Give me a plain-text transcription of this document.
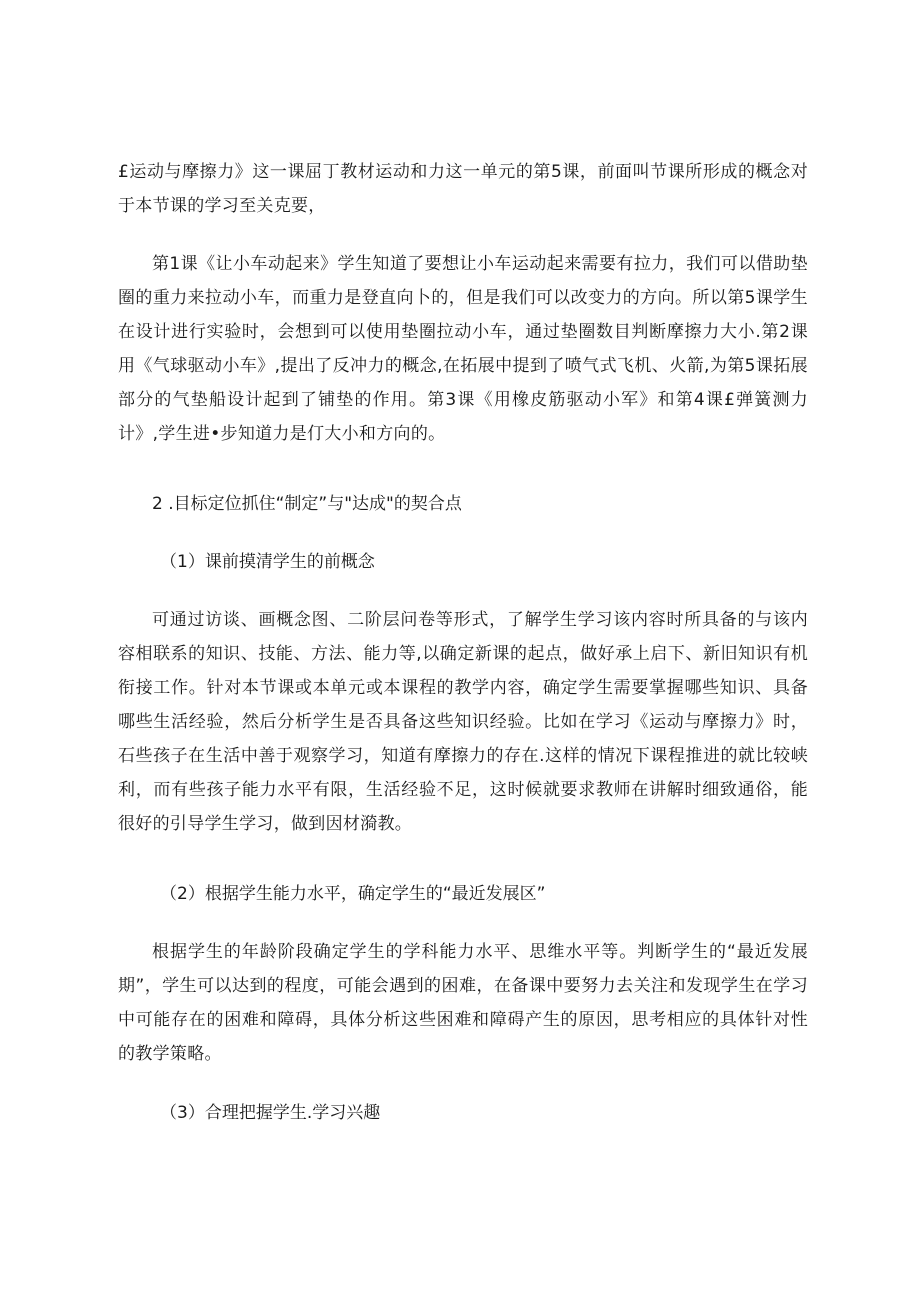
£运动与摩擦力》这一课屈丁教材运动和力这一单元的第5课，前面叫节课所形成的概念对于本节课的学习至关克要，

第1课《让小车动起来》学生知道了要想让小车运动起来需要有拉力，我们可以借助垫圈的重力来拉动小车，而重力是登直向卜的，但是我们可以改变力的方向。所以第5课学生在设计进行实验时，会想到可以使用垫圈拉动小车，通过垫圈数目判断摩擦力大小.第2课用《气球驱动小车》,提出了反冲力的概念,在拓展中提到了喷气式飞机、火箭,为第5课拓展部分的气垫船设计起到了铺垫的作用。第3课《用橡皮筋驱动小军》和第4课£弹簧测力计》,学生进•步知道力是仃大小和方向的。

2 .目标定位抓住“制定”与"达成"的契合点

（1）课前摸清学生的前概念

可通过访谈、画概念图、二阶层问卷等形式，了解学生学习该内容时所具备的与该内容相联系的知识、技能、方法、能力等,以确定新课的起点，做好承上启下、新旧知识有机衔接工作。针对本节课或本单元或本课程的教学内容，确定学生需要掌握哪些知识、具备哪些生活经验，然后分析学生是否具备这些知识经验。比如在学习《运动与摩擦力》时，石些孩子在生活中善于观察学习，知道有摩擦力的存在.这样的情况下课程推进的就比较峡利，而有些孩子能力水平有限，生活经验不足，这时候就要求教师在讲解时细致通俗，能很好的引导学生学习，做到因材漪教。

（2）根据学生能力水平，确定学生的“最近发展区”

根据学生的年龄阶段确定学生的学科能力水平、思维水平等。判断学生的“最近发展期”，学生可以达到的程度，可能会遇到的困难，在备课中要努力去关注和发现学生在学习中可能存在的困难和障碍，具体分析这些困难和障碍产生的原因，思考相应的具体针对性的教学策略。

（3）合理把握学生.学习兴趣
